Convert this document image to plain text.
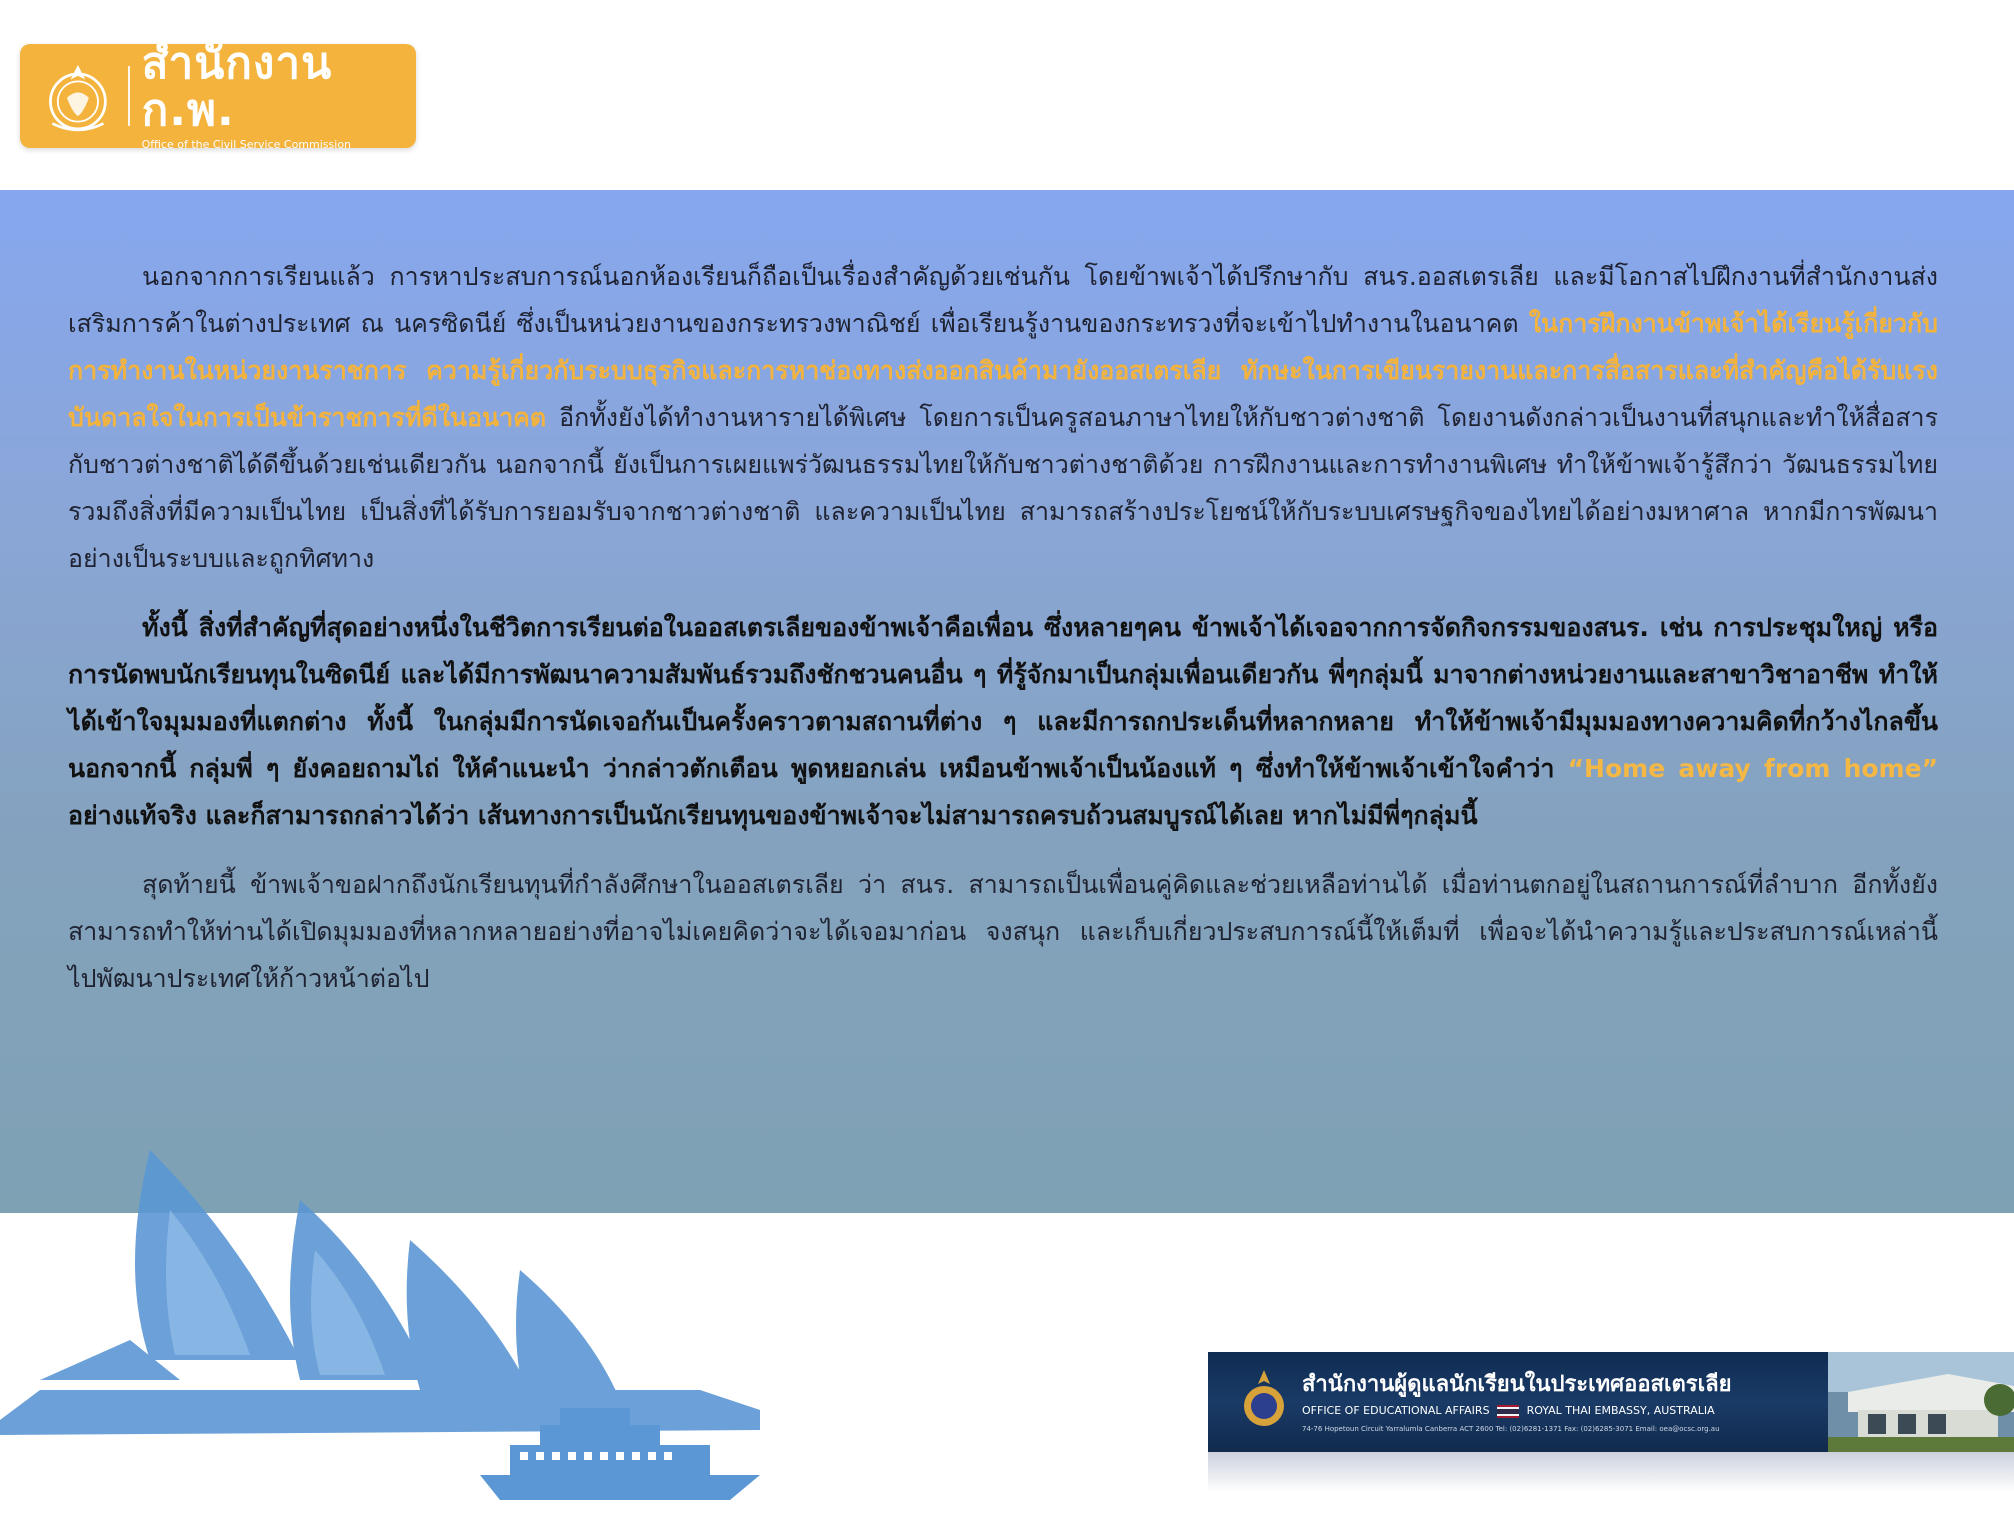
สำนักงาน ก.พ.
Office of the Civil Service Commission

นอกจากการเรียนแล้ว การหาประสบการณ์นอกห้องเรียนก็ถือเป็นเรื่องสำคัญด้วยเช่นกัน โดยข้าพเจ้าได้ปรึกษากับ สนร.ออสเตรเลีย และมีโอกาสไปฝึกงานที่สำนักงานส่งเสริมการค้าในต่างประเทศ ณ นครซิดนีย์ ซึ่งเป็นหน่วยงานของกระทรวงพาณิชย์ เพื่อเรียนรู้งานของกระทรวงที่จะเข้าไปทำงานในอนาคต ในการฝึกงานข้าพเจ้าได้เรียนรู้เกี่ยวกับการทำงานในหน่วยงานราชการ ความรู้เกี่ยวกับระบบธุรกิจและการหาช่องทางส่งออกสินค้ามายังออสเตรเลีย ทักษะในการเขียนรายงานและการสื่อสารและที่สำคัญคือได้รับแรงบันดาลใจในการเป็นข้าราชการที่ดีในอนาคต อีกทั้งยังได้ทำงานหารายได้พิเศษ โดยการเป็นครูสอนภาษาไทยให้กับชาวต่างชาติ โดยงานดังกล่าวเป็นงานที่สนุกและทำให้สื่อสารกับชาวต่างชาติได้ดีขึ้นด้วยเช่นเดียวกัน นอกจากนี้ ยังเป็นการเผยแพร่วัฒนธรรมไทยให้กับชาวต่างชาติด้วย การฝึกงานและการทำงานพิเศษ ทำให้ข้าพเจ้ารู้สึกว่า วัฒนธรรมไทยรวมถึงสิ่งที่มีความเป็นไทย เป็นสิ่งที่ได้รับการยอมรับจากชาวต่างชาติ และความเป็นไทย สามารถสร้างประโยชน์ให้กับระบบเศรษฐกิจของไทยได้อย่างมหาศาล หากมีการพัฒนาอย่างเป็นระบบและถูกทิศทาง

ทั้งนี้ สิ่งที่สำคัญที่สุดอย่างหนึ่งในชีวิตการเรียนต่อในออสเตรเลียของข้าพเจ้าคือเพื่อน ซึ่งหลายๆคน ข้าพเจ้าได้เจอจากการจัดกิจกรรมของสนร. เช่น การประชุมใหญ่ หรือการนัดพบนักเรียนทุนในซิดนีย์ และได้มีการพัฒนาความสัมพันธ์รวมถึงชักชวนคนอื่น ๆ ที่รู้จักมาเป็นกลุ่มเพื่อนเดียวกัน พี่ๆกลุ่มนี้ มาจากต่างหน่วยงานและสาขาวิชาอาชีพ ทำให้ได้เข้าใจมุมมองที่แตกต่าง ทั้งนี้ ในกลุ่มมีการนัดเจอกันเป็นครั้งคราวตามสถานที่ต่าง ๆ และมีการถกประเด็นที่หลากหลาย ทำให้ข้าพเจ้ามีมุมมองทางความคิดที่กว้างไกลขึ้น นอกจากนี้ กลุ่มพี่ ๆ ยังคอยถามไถ่ ให้คำแนะนำ ว่ากล่าวตักเตือน พูดหยอกเล่น เหมือนข้าพเจ้าเป็นน้องแท้ ๆ ซึ่งทำให้ข้าพเจ้าเข้าใจคำว่า “Home away from home” อย่างแท้จริง และก็สามารถกล่าวได้ว่า เส้นทางการเป็นนักเรียนทุนของข้าพเจ้าจะไม่สามารถครบถ้วนสมบูรณ์ได้เลย หากไม่มีพี่ๆกลุ่มนี้

สุดท้ายนี้ ข้าพเจ้าขอฝากถึงนักเรียนทุนที่กำลังศึกษาในออสเตรเลีย ว่า สนร. สามารถเป็นเพื่อนคู่คิดและช่วยเหลือท่านได้ เมื่อท่านตกอยู่ในสถานการณ์ที่ลำบาก อีกทั้งยังสามารถทำให้ท่านได้เปิดมุมมองที่หลากหลายอย่างที่อาจไม่เคยคิดว่าจะได้เจอมาก่อน จงสนุก และเก็บเกี่ยวประสบการณ์นี้ให้เต็มที่ เพื่อจะได้นำความรู้และประสบการณ์เหล่านี้ ไปพัฒนาประเทศให้ก้าวหน้าต่อไป

สำนักงานผู้ดูแลนักเรียนในประเทศออสเตรเลีย
OFFICE OF EDUCATIONAL AFFAIRS	ROYAL THAI EMBASSY, AUSTRALIA
74-76 Hopetoun Circuit Yarralumla Canberra ACT 2600 Tel: (02)6281-1371 Fax: (02)6285-3071 Email: oea@ocsc.org.au
